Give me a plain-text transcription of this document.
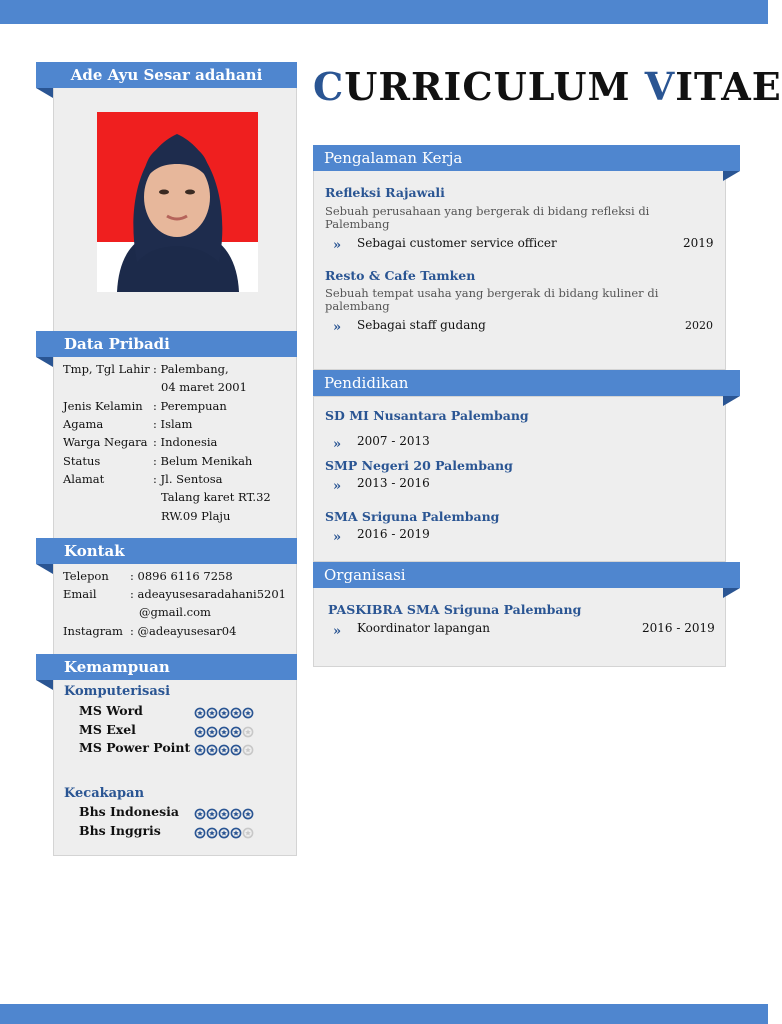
Ade Ayu Sesar adahani
Data Pribadi
Tmp, Tgl Lahir : Palembang,
04 maret 2001
Jenis Kelamin : Perempuan
Agama	: Islam
Warga Negara : Indonesia
Status	: Belum Menikah
Alamat	: Jl. Sentosa
Talang karet RT.32
RW.09 Plaju
Kontak
Telepon : 0896 6116 7258
Email	: adeayusesaradahani5201
@gmail.com
Instagram : @adeayusesar04
Kemampuan
Komputerisasi
MS Word
MS Exel
MS Power Point
Kecakapan
Bhs Indonesia
Bhs Inggris
CURRICULUM VITAE
Pengalaman Kerja
Refleksi Rajawali
Sebuah perusahaan yang bergerak di bidang refleksi di Palembang
» Sebagai customer service officer	2019
Resto & Cafe Tamken
Sebuah tempat usaha yang bergerak di bidang kuliner di palembang
» Sebagai staff gudang	2020
Pendidikan
SD MI Nusantara Palembang
» 2007 - 2013
SMP Negeri 20 Palembang
» 2013 - 2016
SMA Sriguna Palembang
» 2016 - 2019
Organisasi
PASKIBRA SMA Sriguna Palembang
» Koordinator lapangan	2016 - 2019
